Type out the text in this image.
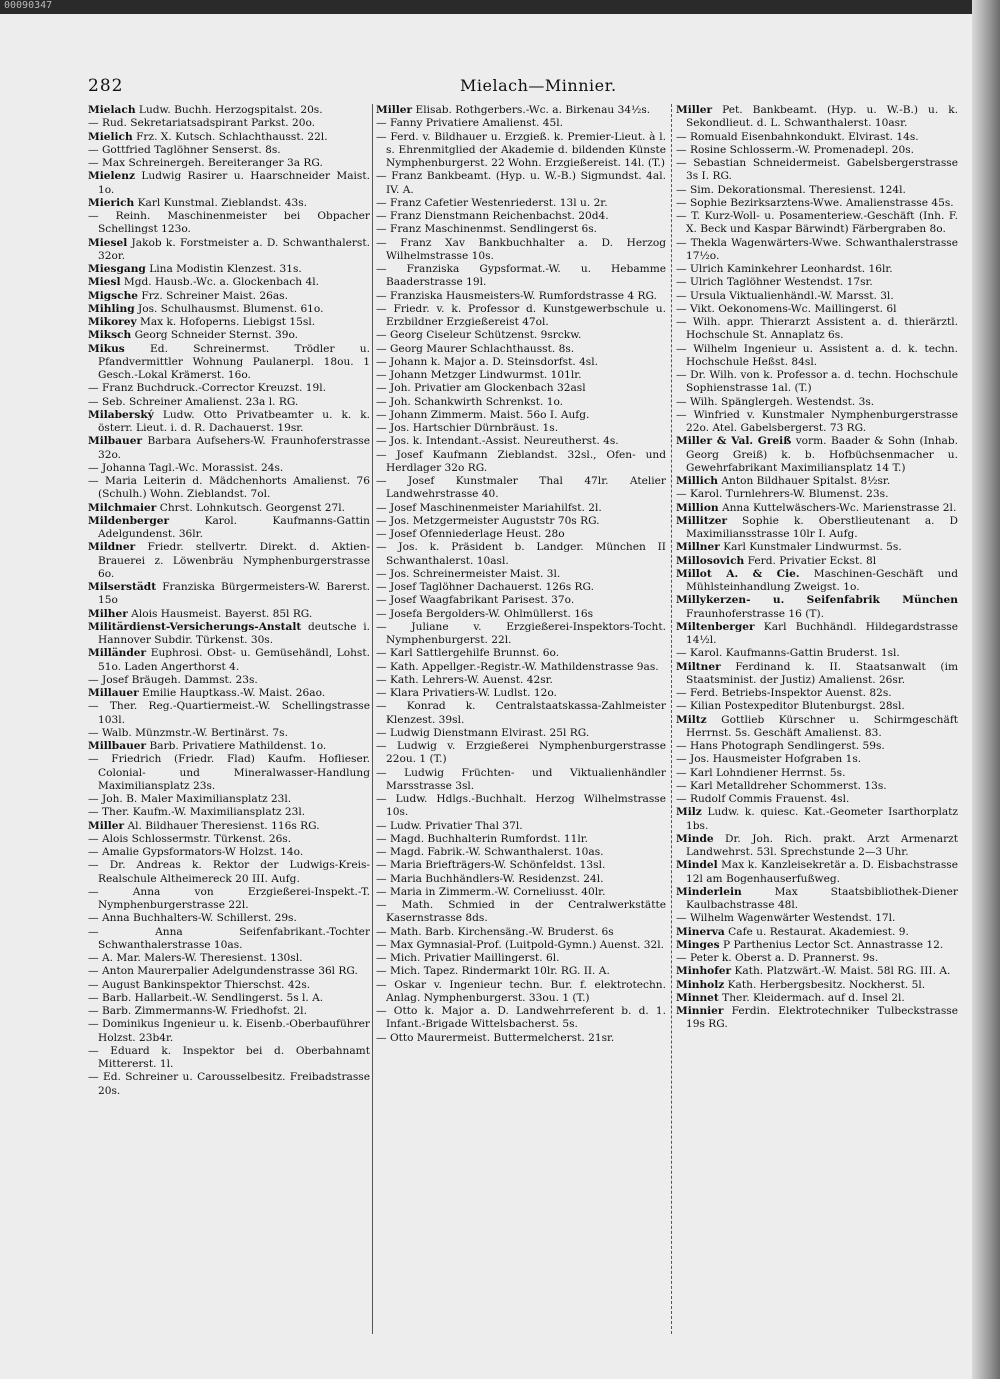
00090347
282	Mielach—Minnier.
Mielach Ludw. Buchh. Herzogspitalst. 20s.
— Rud. Sekretariatsadspirant Parkst. 20o.
Mielich Frz. X. Kutsch. Schlachthausst. 22l.
— Gottfried Taglöhner Senserst. 8s.
— Max Schreinergeh. Bereiteranger 3a RG.
Mielenz Ludwig Rasirer u. Haarschneider Maist. 1o.
Mierich Karl Kunstmal. Zieblandst. 43s.
— Reinh. Maschinenmeister bei Obpacher Schellingst 123o.
Miesel Jakob k. Forstmeister a. D. Schwanthalerst. 32or.
Miesgang Lina Modistin Klenzest. 31s.
Miesl Mgd. Hausb.-Wc. a. Glockenbach 4l.
Migsche Frz. Schreiner Maist. 26as.
Mihling Jos. Schulhausmst. Blumenst. 61o.
Mikorey Max k. Hofoperns. Liebigst 15sl.
Miksch Georg Schneider Sternst. 39o.
Mikus Ed. Schreinermst. Trödler u. Pfandvermittler Wohnung Paulanerpl. 18ou. 1 Gesch.-Lokal Krämerst. 16o.
— Franz Buchdruck.-Corrector Kreuzst. 19l.
— Seb. Schreiner Amalienst. 23a l. RG.
Milaberský Ludw. Otto Privatbeamter u. k. k. österr. Lieut. i. d. R. Dachauerst. 19sr.
Milbauer Barbara Aufsehers-W. Fraunhoferstrasse 32o.
— Johanna Tagl.-Wc. Morassist. 24s.
— Maria Leiterin d. Mädchenhorts Amalienst. 76 (Schulh.) Wohn. Zieblandst. 7ol.
Milchmaier Chrst. Lohnkutsch. Georgenst 27l.
Mildenberger Karol. Kaufmanns-Gattin Adelgundenst. 36lr.
Mildner Friedr. stellvertr. Direkt. d. Aktien-Brauerei z. Löwenbräu Nymphenburgerstrasse 6o.
Milserstädt Franziska Bürgermeisters-W. Barerst. 15o
Milher Alois Hausmeist. Bayerst. 85l RG.
Militärdienst-Versicherungs-Anstalt deutsche i. Hannover Subdir. Türkenst. 30s.
Milländer Euphrosi. Obst- u. Gemüsehändl, Lohst. 51o. Laden Angerthorst 4.
— Josef Bräugeh. Dammst. 23s.
Millauer Emilie Hauptkass.-W. Maist. 26ao.
— Ther. Reg.-Quartiermeist.-W. Schellingstrasse 103l.
— Walb. Münzmstr.-W. Bertinärst. 7s.
Millbauer Barb. Privatiere Mathildenst. 1o.
— Friedrich (Friedr. Flad) Kaufm. Hoflieser. Colonial- und Mineralwasser-Handlung Maximiliansplatz 23s.
— Joh. B. Maler Maximiliansplatz 23l.
— Ther. Kaufm.-W. Maximiliansplatz 23l.
Miller Al. Bildhauer Theresienst. 116s RG.
— Alois Schlossermstr. Türkenst. 26s.
— Amalie Gypsformators-W Holzst. 14o.
— Dr. Andreas k. Rektor der Ludwigs-Kreis-Realschule Altheimereck 20 III. Aufg.
— Anna von Erzgießerei-Inspekt.-T. Nymphenburgerstrasse 22l.
— Anna Buchhalters-W. Schillerst. 29s.
— Anna Seifenfabrikant.-Tochter Schwanthalerstrasse 10as.
— A. Mar. Malers-W. Theresienst. 130sl.
— Anton Maurerpalier Adelgundenstrasse 36l RG.
— August Bankinspektor Thierschst. 42s.
— Barb. Hallarbeit.-W. Sendlingerst. 5s l. A.
— Barb. Zimmermanns-W. Friedhofst. 2l.
— Dominikus Ingenieur u. k. Eisenb.-Oberbauführer Holzst. 23b4r.
— Eduard k. Inspektor bei d. Oberbahnamt Mittererst. 1l.
— Ed. Schreiner u. Carousselbesitz. Freibadstrasse 20s.
Miller Elisab. Rothgerbers.-Wc. a. Birkenau 34½s.
— Fanny Privatiere Amalienst. 45l.
— Ferd. v. Bildhauer u. Erzgieß. k. Premier-Lieut. à l. s. Ehrenmitglied der Akademie d. bildenden Künste Nymphenburgerst. 22 Wohn. Erzgießereist. 14l. (T.)
— Franz Bankbeamt. (Hyp. u. W.-B.) Sigmundst. 4al. IV. A.
— Franz Cafetier Westenriederst. 13l u. 2r.
— Franz Dienstmann Reichenbachst. 20d4.
— Franz Maschinenmst. Sendlingerst 6s.
— Franz Xav Bankbuchhalter a. D. Herzog Wilhelmstrasse 10s.
— Franziska Gypsformat.-W. u. Hebamme Baaderstrasse 19l.
— Franziska Hausmeisters-W. Rumfordstrasse 4 RG.
— Friedr. v. k. Professor d. Kunstgewerbschule u. Erzbildner Erzgießereist 47ol.
— Georg Ciseleur Schützenst. 9srckw.
— Georg Maurer Schlachthausst. 8s.
— Johann k. Major a. D. Steinsdorfst. 4sl.
— Johann Metzger Lindwurmst. 101lr.
— Joh. Privatier am Glockenbach 32asl
— Joh. Schankwirth Schrenkst. 1o.
— Johann Zimmerm. Maist. 56o I. Aufg.
— Jos. Hartschier Dürnbräust. 1s.
— Jos. k. Intendant.-Assist. Neureutherst. 4s.
— Josef Kaufmann Zieblandst. 32sl., Ofen- und Herdlager 32o RG.
— Josef Kunstmaler Thal 47lr. Atelier Landwehrstrasse 40.
— Josef Maschinenmeister Mariahilfst. 2l.
— Jos. Metzgermeister Auguststr 70s RG.
— Josef Ofenniederlage Heust. 28o
— Jos. k. Präsident b. Landger. München II Schwanthalerst. 10asl.
— Jos. Schreinermeister Maist. 3l.
— Josef Taglöhner Dachauerst. 126s RG.
— Josef Waagfabrikant Parisest. 37o.
— Josefa Bergolders-W. Ohlmüllerst. 16s
— Juliane v. Erzgießerei-Inspektors-Tocht. Nymphenburgerst. 22l.
— Karl Sattlergehilfe Brunnst. 6o.
— Kath. Appellger.-Registr.-W. Mathildenstrasse 9as.
— Kath. Lehrers-W. Auenst. 42sr.
— Klara Privatiers-W. Ludlst. 12o.
— Konrad k. Centralstaatskassa-Zahlmeister Klenzest. 39sl.
— Ludwig Dienstmann Elvirast. 25l RG.
— Ludwig v. Erzgießerei Nymphenburgerstrasse 22ou. 1 (T.)
— Ludwig Früchten- und Viktualienhändler Marsstrasse 3sl.
— Ludw. Hdlgs.-Buchhalt. Herzog Wilhelmstrasse 10s.
— Ludw. Privatier Thal 37l.
— Magd. Buchhalterin Rumfordst. 11lr.
— Magd. Fabrik.-W. Schwanthalerst. 10as.
— Maria Briefträgers-W. Schönfeldst. 13sl.
— Maria Buchhändlers-W. Residenzst. 24l.
— Maria in Zimmerm.-W. Corneliusst. 40lr.
— Math. Schmied in der Centralwerkstätte Kasernstrasse 8ds.
— Math. Barb. Kirchensäng.-W. Bruderst. 6s
— Max Gymnasial-Prof. (Luitpold-Gymn.) Auenst. 32l.
— Mich. Privatier Maillingerst. 6l.
— Mich. Tapez. Rindermarkt 10lr. RG. II. A.
— Oskar v. Ingenieur techn. Bur. f. elektrotechn. Anlag. Nymphenburgerst. 33ou. 1 (T.)
— Otto k. Major a. D. Landwehrreferent b. d. 1. Infant.-Brigade Wittelsbacherst. 5s.
— Otto Maurermeist. Buttermelcherst. 21sr.
Miller Pet. Bankbeamt. (Hyp. u. W.-B.) u. k. Sekondlieut. d. L. Schwanthalerst. 10asr.
— Romuald Eisenbahnkondukt. Elvirast. 14s.
— Rosine Schlosserm.-W. Promenadepl. 20s.
— Sebastian Schneidermeist. Gabelsbergerstrasse 3s I. RG.
— Sim. Dekorationsmal. Theresienst. 124l.
— Sophie Bezirksarztens-Wwe. Amalienstrasse 45s.
— T. Kurz-Woll- u. Posamenteriew.-Geschäft (Inh. F. X. Beck und Kaspar Bärwindt) Färbergraben 8o.
— Thekla Wagenwärters-Wwe. Schwanthalerstrasse 17½o.
— Ulrich Kaminkehrer Leonhardst. 16lr.
— Ulrich Taglöhner Westendst. 17sr.
— Ursula Viktualienhändl.-W. Marsst. 3l.
— Vikt. Oekonomens-Wc. Maillingerst. 6l
— Wilh. appr. Thierarzt Assistent a. d. thierärztl. Hochschule St. Annaplatz 6s.
— Wilhelm Ingenieur u. Assistent a. d. k. techn. Hochschule Heßst. 84sl.
— Dr. Wilh. von k. Professor a. d. techn. Hochschule Sophienstrasse 1al. (T.)
— Wilh. Spänglergeh. Westendst. 3s.
— Winfried v. Kunstmaler Nymphenburgerstrasse 22o. Atel. Gabelsbergerst. 73 RG.
Miller & Val. Greiß vorm. Baader & Sohn (Inhab. Georg Greiß) k. b. Hofbüchsenmacher u. Gewehrfabrikant Maximiliansplatz 14 T.)
Millich Anton Bildhauer Spitalst. 8½sr.
— Karol. Turnlehrers-W. Blumenst. 23s.
Million Anna Kuttelwäschers-Wc. Marienstrasse 2l.
Millitzer Sophie k. Oberstlieutenant a. D Maximiliansstrasse 10lr I. Aufg.
Millner Karl Kunstmaler Lindwurmst. 5s.
Millosovich Ferd. Privatier Eckst. 8l
Millot A. & Cie. Maschinen-Geschäft und Mühlsteinhandlung Zweigst. 1o.
Millykerzen- u. Seifenfabrik München Fraunhoferstrasse 16 (T).
Miltenberger Karl Buchhändl. Hildegardstrasse 14½l.
— Karol. Kaufmanns-Gattin Bruderst. 1sl.
Miltner Ferdinand k. II. Staatsanwalt (im Staatsminist. der Justiz) Amalienst. 26sr.
— Ferd. Betriebs-Inspektor Auenst. 82s.
— Kilian Postexpeditor Blutenburgst. 28sl.
Miltz Gottlieb Kürschner u. Schirmgeschäft Herrnst. 5s. Geschäft Amalienst. 83.
— Hans Photograph Sendlingerst. 59s.
— Jos. Hausmeister Hofgraben 1s.
— Karl Lohndiener Herrnst. 5s.
— Karl Metalldreher Schommerst. 13s.
— Rudolf Commis Frauenst. 4sl.
Milz Ludw. k. quiesc. Kat.-Geometer Isarthorplatz 1bs.
Minde Dr. Joh. Rich. prakt. Arzt Armenarzt Landwehrst. 53l. Sprechstunde 2—3 Uhr.
Mindel Max k. Kanzleisekretär a. D. Eisbachstrasse 12l am Bogenhauserfußweg.
Minderlein Max Staatsbibliothek-Diener Kaulbachstrasse 48l.
— Wilhelm Wagenwärter Westendst. 17l.
Minerva Cafe u. Restaurat. Akademiest. 9.
Minges P Parthenius Lector Sct. Annastrasse 12.
— Peter k. Oberst a. D. Prannerst. 9s.
Minhofer Kath. Platzwärt.-W. Maist. 58l RG. III. A.
Minholz Kath. Herbergsbesitz. Nockherst. 5l.
Minnet Ther. Kleidermach. auf d. Insel 2l.
Minnier Ferdin. Elektrotechniker Tulbeckstrasse 19s RG.
